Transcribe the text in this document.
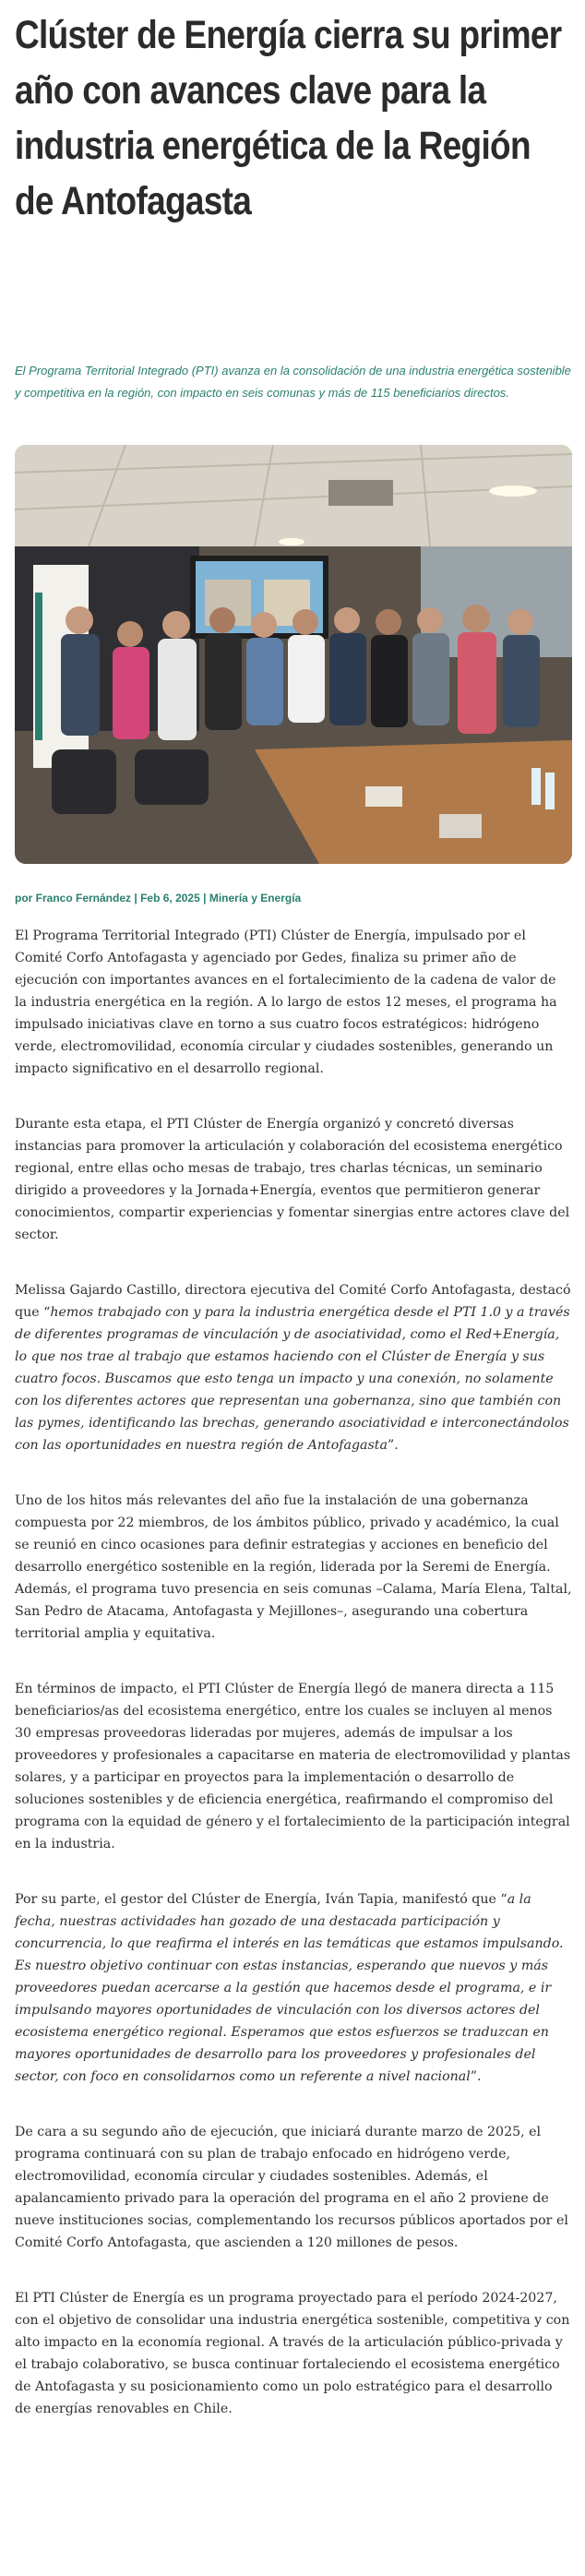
Clúster de Energía cierra su primer año con avances clave para la industria energética de la Región de Antofagasta
El Programa Territorial Integrado (PTI) avanza en la consolidación de una industria energética sostenible y competitiva en la región, con impacto en seis comunas y más de 115 beneficiarios directos.
por Franco Fernández | Feb 6, 2025 | Minería y Energía

El Programa Territorial Integrado (PTI) Clúster de Energía, impulsado por el Comité Corfo Antofagasta y agenciado por Gedes, finaliza su primer año de ejecución con importantes avances en el fortalecimiento de la cadena de valor de la industria energética en la región. A lo largo de estos 12 meses, el programa ha impulsado iniciativas clave en torno a sus cuatro focos estratégicos: hidrógeno verde, electromovilidad, economía circular y ciudades sostenibles, generando un impacto significativo en el desarrollo regional.

Durante esta etapa, el PTI Clúster de Energía organizó y concretó diversas instancias para promover la articulación y colaboración del ecosistema energético regional, entre ellas ocho mesas de trabajo, tres charlas técnicas, un seminario dirigido a proveedores y la Jornada+Energía, eventos que permitieron generar conocimientos, compartir experiencias y fomentar sinergias entre actores clave del sector.

Melissa Gajardo Castillo, directora ejecutiva del Comité Corfo Antofagasta, destacó que “hemos trabajado con y para la industria energética desde el PTI 1.0 y a través de diferentes programas de vinculación y de asociatividad, como el Red+Energía, lo que nos trae al trabajo que estamos haciendo con el Clúster de Energía y sus cuatro focos. Buscamos que esto tenga un impacto y una conexión, no solamente con los diferentes actores que representan una gobernanza, sino que también con las pymes, identificando las brechas, generando asociatividad e interconectándolos con las oportunidades en nuestra región de Antofagasta”.

Uno de los hitos más relevantes del año fue la instalación de una gobernanza compuesta por 22 miembros, de los ámbitos público, privado y académico, la cual se reunió en cinco ocasiones para definir estrategias y acciones en beneficio del desarrollo energético sostenible en la región, liderada por la Seremi de Energía. Además, el programa tuvo presencia en seis comunas –Calama, María Elena, Taltal, San Pedro de Atacama, Antofagasta y Mejillones–, asegurando una cobertura territorial amplia y equitativa.

En términos de impacto, el PTI Clúster de Energía llegó de manera directa a 115 beneficiarios/as del ecosistema energético, entre los cuales se incluyen al menos 30 empresas proveedoras lideradas por mujeres, además de impulsar a los proveedores y profesionales a capacitarse en materia de electromovilidad y plantas solares, y a participar en proyectos para la implementación o desarrollo de soluciones sostenibles y de eficiencia energética, reafirmando el compromiso del programa con la equidad de género y el fortalecimiento de la participación integral en la industria.

Por su parte, el gestor del Clúster de Energía, Iván Tapia, manifestó que “a la fecha, nuestras actividades han gozado de una destacada participación y concurrencia, lo que reafirma el interés en las temáticas que estamos impulsando. Es nuestro objetivo continuar con estas instancias, esperando que nuevos y más proveedores puedan acercarse a la gestión que hacemos desde el programa, e ir impulsando mayores oportunidades de vinculación con los diversos actores del ecosistema energético regional. Esperamos que estos esfuerzos se traduzcan en mayores oportunidades de desarrollo para los proveedores y profesionales del sector, con foco en consolidarnos como un referente a nivel nacional”.

De cara a su segundo año de ejecución, que iniciará durante marzo de 2025, el programa continuará con su plan de trabajo enfocado en hidrógeno verde, electromovilidad, economía circular y ciudades sostenibles. Además, el apalancamiento privado para la operación del programa en el año 2 proviene de nueve instituciones socias, complementando los recursos públicos aportados por el Comité Corfo Antofagasta, que ascienden a 120 millones de pesos.

El PTI Clúster de Energía es un programa proyectado para el período 2024-2027, con el objetivo de consolidar una industria energética sostenible, competitiva y con alto impacto en la economía regional. A través de la articulación público-privada y el trabajo colaborativo, se busca continuar fortaleciendo el ecosistema energético de Antofagasta y su posicionamiento como un polo estratégico para el desarrollo de energías renovables en Chile.
